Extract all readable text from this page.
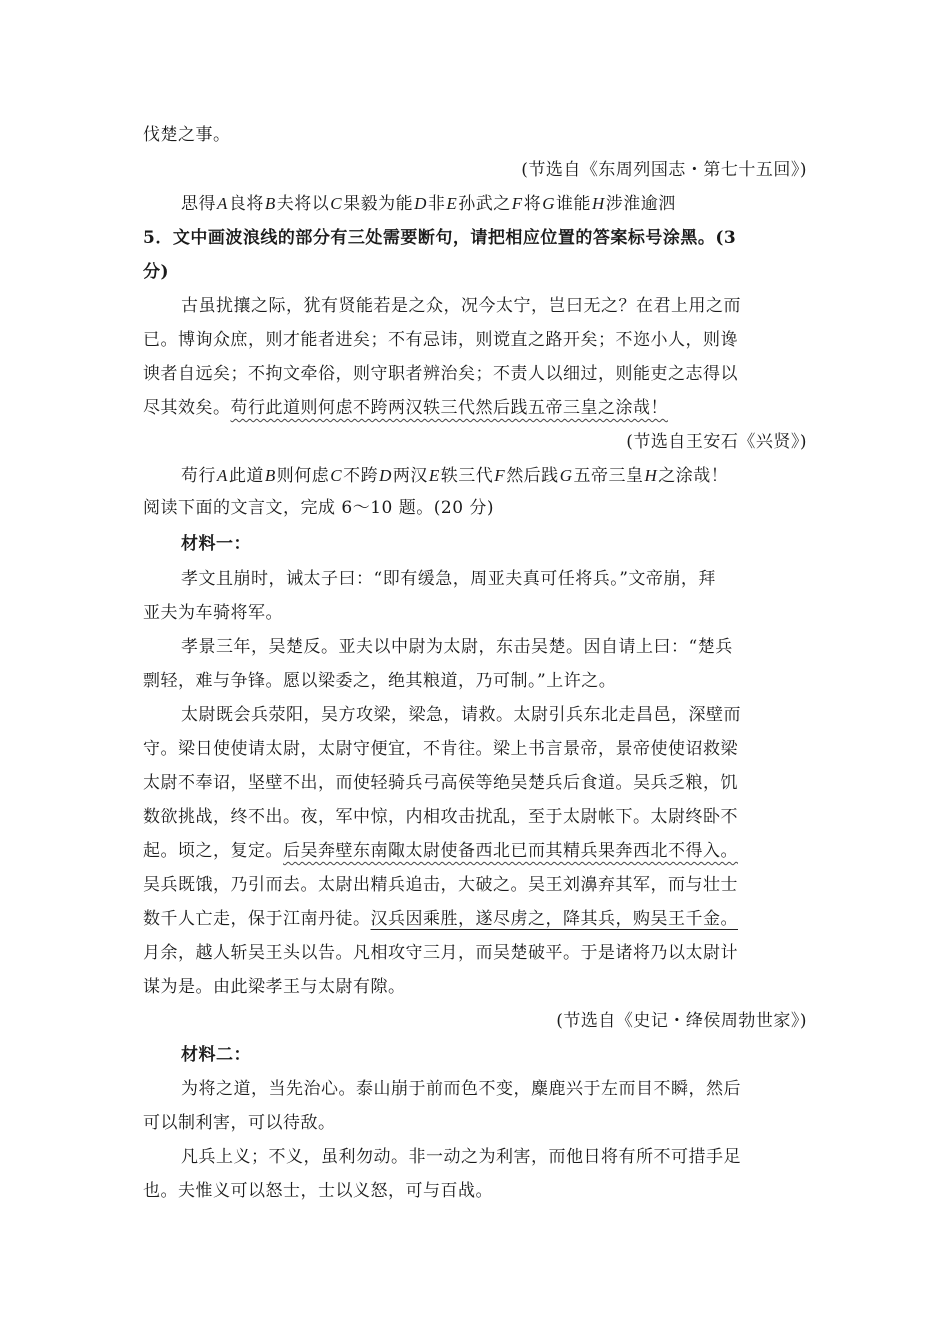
伐楚之事。
(节选自《东周列国志・第七十五回》)
思得A良将B夫将以C果毅为能D非E孙武之F将G谁能H涉淮逾泗
5．文中画波浪线的部分有三处需要断句，请把相应位置的答案标号涂黑。(3
分)
古虽扰攘之际，犹有贤能若是之众，况今太宁，岂曰无之？在君上用之而
已。博询众庶，则才能者进矣；不有忌讳，则谠直之路开矣；不迩小人，则谗
谀者自远矣；不拘文牵俗，则守职者辨治矣；不责人以细过，则能吏之志得以
尽其效矣。苟行此道则何虑不跨两汉轶三代然后践五帝三皇之涂哉！
(节选自王安石《兴贤》)
苟行A此道B则何虑C不跨D两汉E轶三代F然后践G五帝三皇H之涂哉！
阅读下面的文言文，完成 6～10 题。(20 分)
材料一：
孝文且崩时，诫太子曰：“即有缓急，周亚夫真可任将兵。”文帝崩，拜
亚夫为车骑将军。
孝景三年，吴楚反。亚夫以中尉为太尉，东击吴楚。因自请上曰：“楚兵
剽轻，难与争锋。愿以梁委之，绝其粮道，乃可制。”上许之。
太尉既会兵荥阳，吴方攻梁，梁急，请救。太尉引兵东北走昌邑，深壁而
守。梁日使使请太尉，太尉守便宜，不肯往。梁上书言景帝，景帝使使诏救梁
太尉不奉诏，坚壁不出，而使轻骑兵弓高侯等绝吴楚兵后食道。吴兵乏粮，饥
数欲挑战，终不出。夜，军中惊，内相攻击扰乱，至于太尉帐下。太尉终卧不
起。顷之，复定。后吴奔壁东南陬太尉使备西北已而其精兵果奔西北不得入。
吴兵既饿，乃引而去。太尉出精兵追击，大破之。吴王刘濞弃其军，而与壮士
数千人亡走，保于江南丹徒。汉兵因乘胜，遂尽虏之，降其兵，购吴王千金。
月余，越人斩吴王头以告。凡相攻守三月，而吴楚破平。于是诸将乃以太尉计
谋为是。由此梁孝王与太尉有隙。
(节选自《史记・绛侯周勃世家》)
材料二：
为将之道，当先治心。泰山崩于前而色不变，麋鹿兴于左而目不瞬，然后
可以制利害，可以待敌。
凡兵上义；不义，虽利勿动。非一动之为利害，而他日将有所不可措手足
也。夫惟义可以怒士，士以义怒，可与百战。
